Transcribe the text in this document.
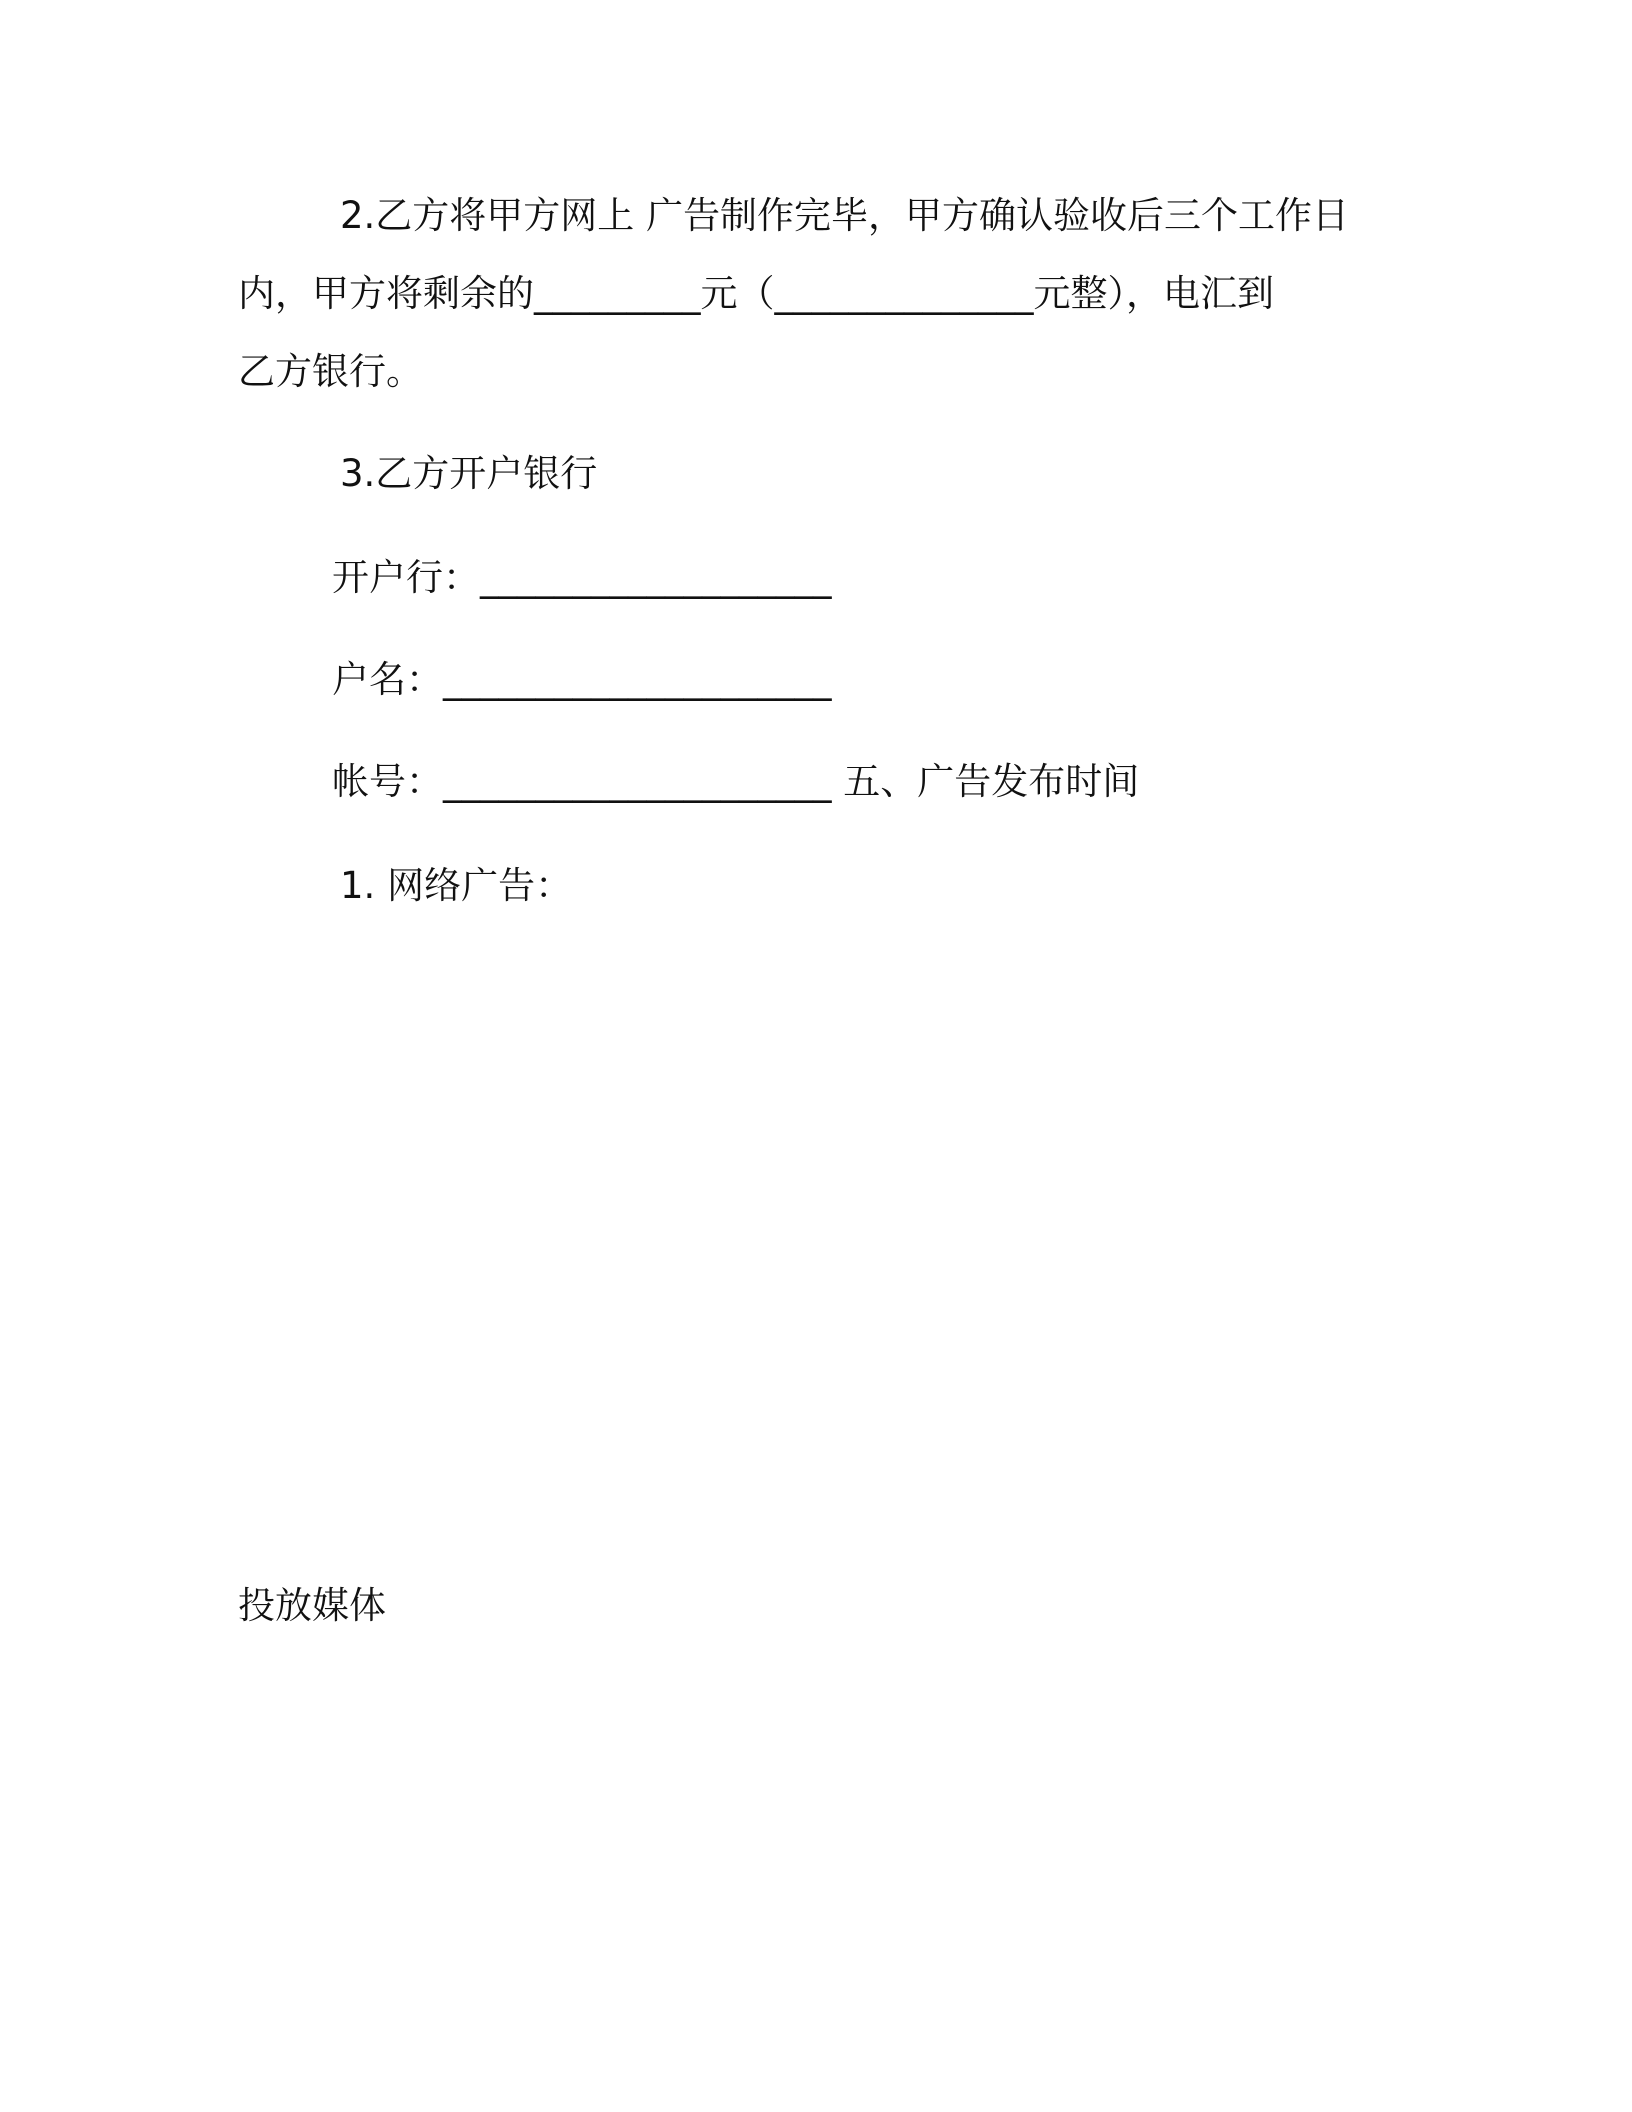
2.乙方将甲方网上 广告制作完毕，甲方确认验收后三个工作日
内，甲方将剩余的_________元（______________元整），电汇到
乙方银行。
3.乙方开户银行
开户行：___________________
户名：_____________________
帐号：_____________________ 五、广告发布时间
1. 网络广告：
投放媒体
